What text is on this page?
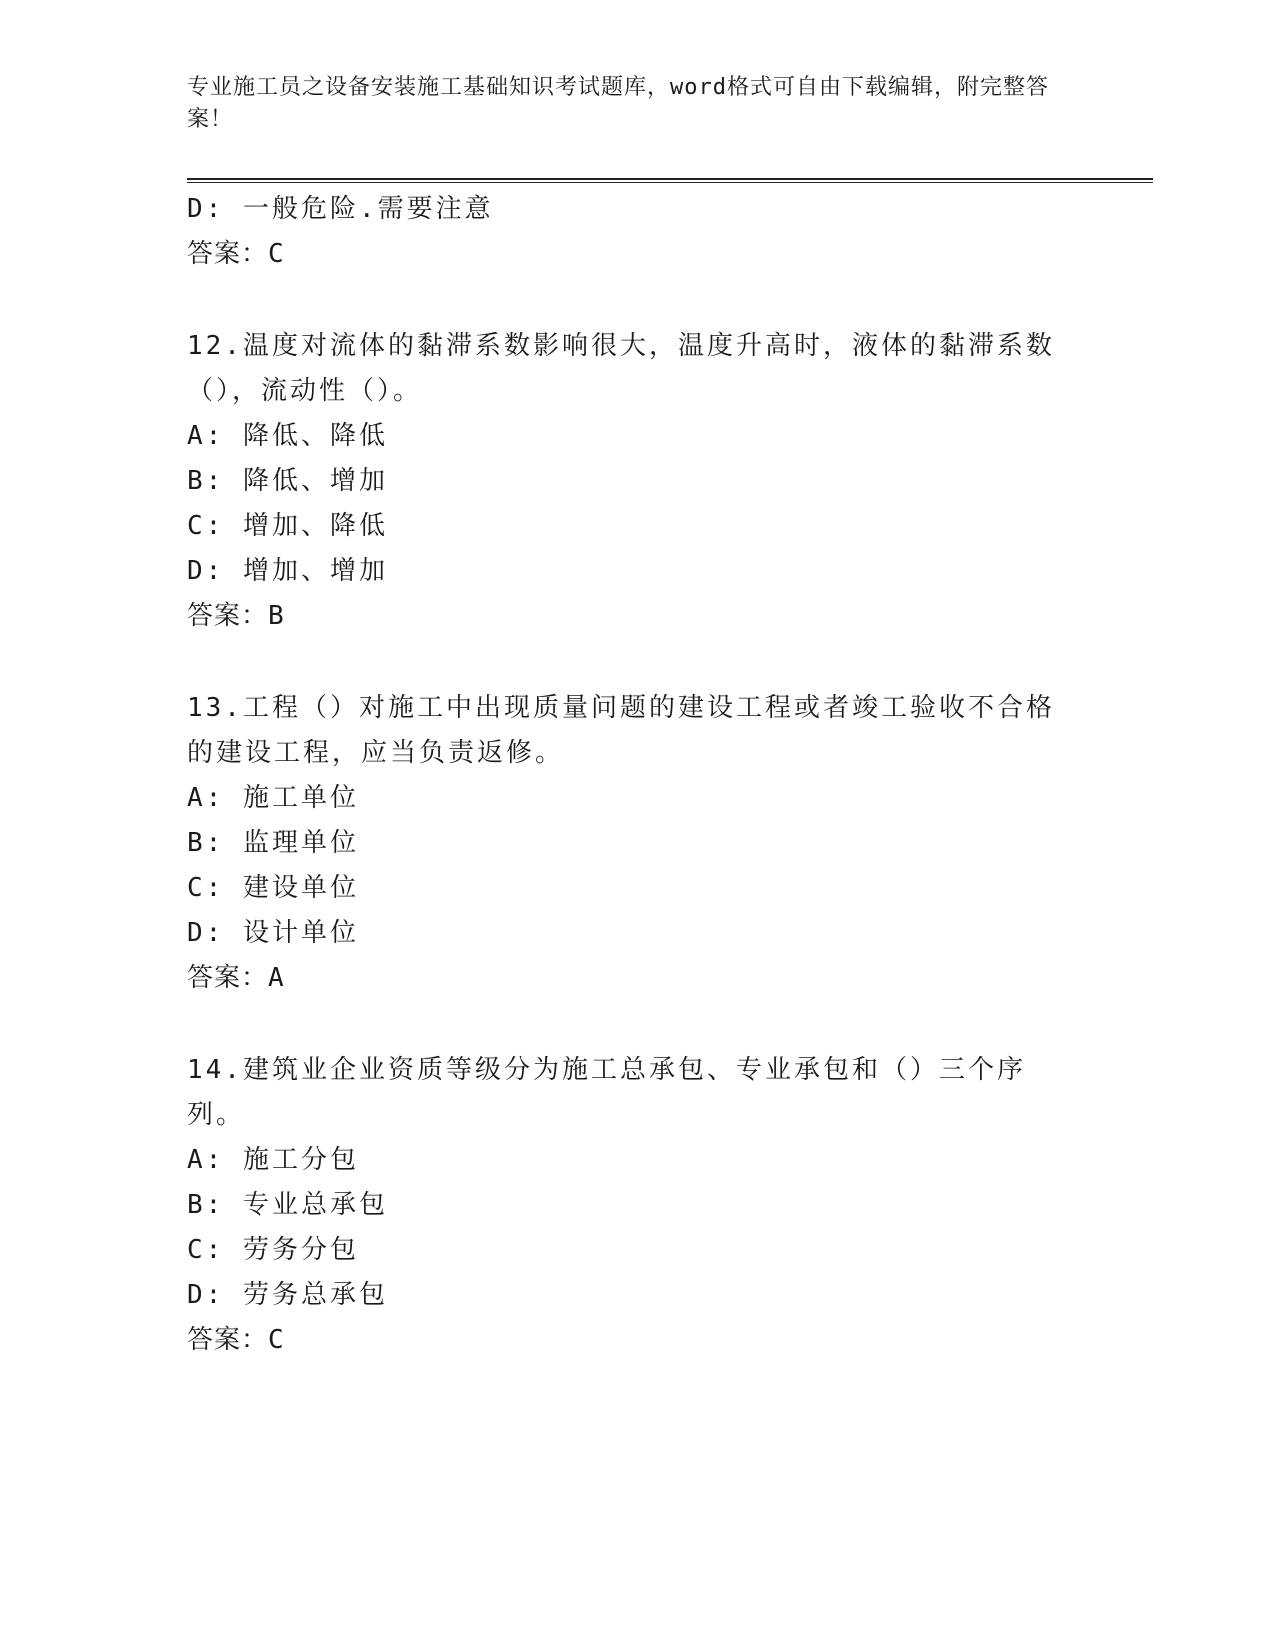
专业施工员之设备安装施工基础知识考试题库，word格式可自由下载编辑，附完整答案！
D: 一般危险.需要注意
答案：C
12.温度对流体的黏滞系数影响很大，温度升高时，液体的黏滞系数（），流动性（）。
A: 降低、降低
B: 降低、增加
C: 增加、降低
D: 增加、增加
答案：B
13.工程（）对施工中出现质量问题的建设工程或者竣工验收不合格的建设工程，应当负责返修。
A: 施工单位
B: 监理单位
C: 建设单位
D: 设计单位
答案：A
14.建筑业企业资质等级分为施工总承包、专业承包和（）三个序列。
A: 施工分包
B: 专业总承包
C: 劳务分包
D: 劳务总承包
答案：C
